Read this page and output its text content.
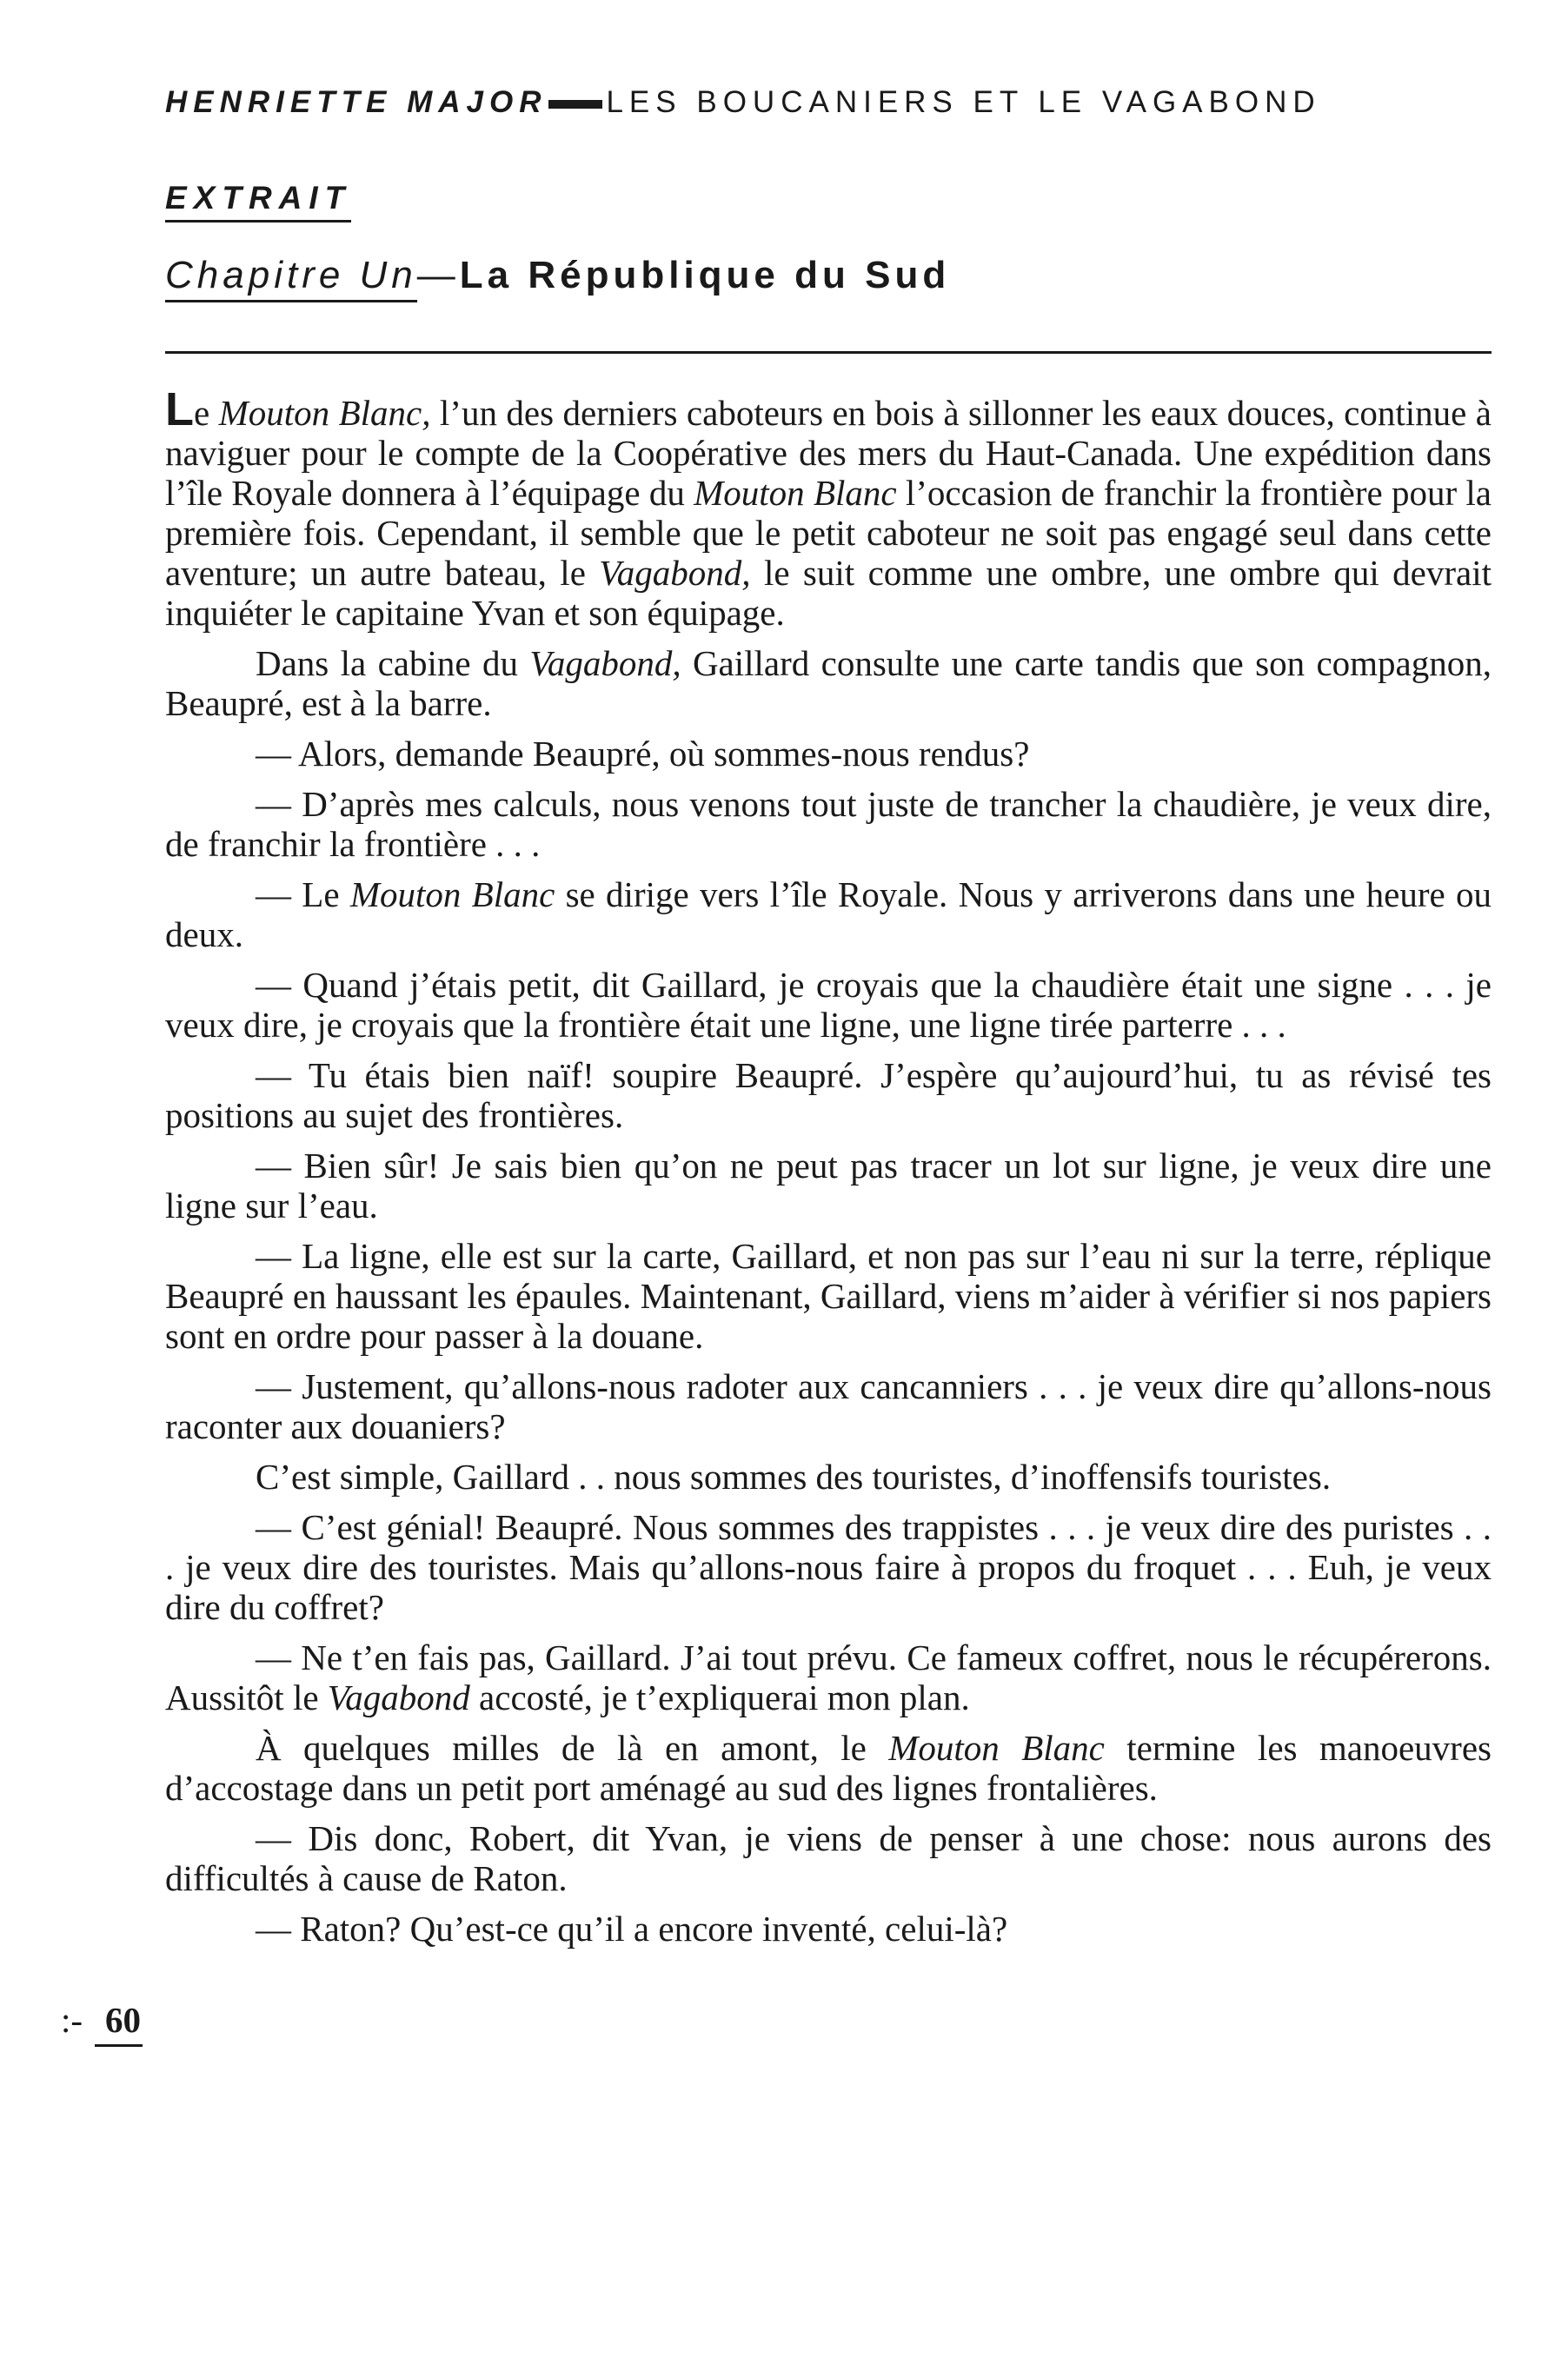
HENRIETTE MAJOR LES BOUCANIERS ET LE VAGABOND
EXTRAIT
Chapitre Un—La République du Sud

Le Mouton Blanc, l’un des derniers caboteurs en bois à sillonner les eaux douces, continue à naviguer pour le compte de la Coopérative des mers du Haut-Canada. Une expédition dans l’île Royale donnera à l’équipage du Mouton Blanc l’occasion de franchir la frontière pour la première fois. Cependant, il semble que le petit caboteur ne soit pas engagé seul dans cette aventure; un autre bateau, le Vagabond, le suit comme une ombre, une ombre qui devrait inquiéter le capitaine Yvan et son équipage.

Dans la cabine du Vagabond, Gaillard consulte une carte tandis que son compagnon, Beaupré, est à la barre.

— Alors, demande Beaupré, où sommes-nous rendus?

— D’après mes calculs, nous venons tout juste de trancher la chaudière, je veux dire, de franchir la frontière . . .

— Le Mouton Blanc se dirige vers l’île Royale. Nous y arriverons dans une heure ou deux.

— Quand j’étais petit, dit Gaillard, je croyais que la chaudière était une signe . . . je veux dire, je croyais que la frontière était une ligne, une ligne tirée parterre . . .

— Tu étais bien naïf! soupire Beaupré. J’espère qu’aujourd’hui, tu as révisé tes positions au sujet des frontières.

— Bien sûr! Je sais bien qu’on ne peut pas tracer un lot sur ligne, je veux dire une ligne sur l’eau.

— La ligne, elle est sur la carte, Gaillard, et non pas sur l’eau ni sur la terre, réplique Beaupré en haussant les épaules. Maintenant, Gaillard, viens m’aider à vérifier si nos papiers sont en ordre pour passer à la douane.

— Justement, qu’allons-nous radoter aux cancanniers . . . je veux dire qu’allons-nous raconter aux douaniers?

C’est simple, Gaillard . . nous sommes des touristes, d’inoffensifs touristes.

— C’est génial! Beaupré. Nous sommes des trappistes . . . je veux dire des puristes . . . je veux dire des touristes. Mais qu’allons-nous faire à propos du froquet . . . Euh, je veux dire du coffret?

— Ne t’en fais pas, Gaillard. J’ai tout prévu. Ce fameux coffret, nous le récupérerons. Aussitôt le Vagabond accosté, je t’expliquerai mon plan.

À quelques milles de là en amont, le Mouton Blanc termine les manoeuvres d’accostage dans un petit port aménagé au sud des lignes frontalières.

— Dis donc, Robert, dit Yvan, je viens de penser à une chose: nous aurons des difficultés à cause de Raton.

— Raton? Qu’est-ce qu’il a encore inventé, celui-là?

:- 60
